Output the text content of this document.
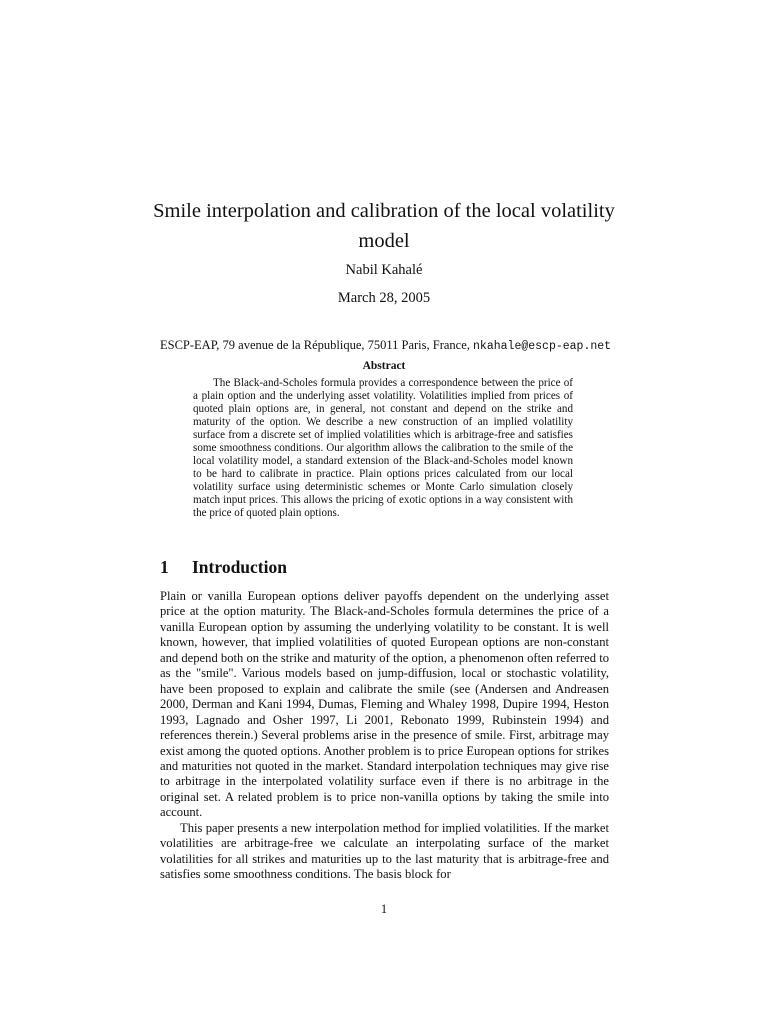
Smile interpolation and calibration of the local volatility model
Nabil Kahalé
March 28, 2005
ESCP-EAP, 79 avenue de la République, 75011 Paris, France, nkahale@escp-eap.net
Abstract
The Black-and-Scholes formula provides a correspondence between the price of a plain option and the underlying asset volatility. Volatilities implied from prices of quoted plain options are, in general, not constant and depend on the strike and maturity of the option. We describe a new construction of an implied volatility surface from a discrete set of implied volatilities which is arbitrage-free and satisfies some smoothness conditions. Our algorithm allows the calibration to the smile of the local volatility model, a standard extension of the Black-and-Scholes model known to be hard to calibrate in practice. Plain options prices calculated from our local volatility surface using deterministic schemes or Monte Carlo simulation closely match input prices. This allows the pricing of exotic options in a way consistent with the price of quoted plain options.
1 Introduction

Plain or vanilla European options deliver payoffs dependent on the underlying asset price at the option maturity. The Black-and-Scholes formula determines the price of a vanilla European option by assuming the underlying volatility to be constant. It is well known, however, that implied volatilities of quoted European options are non-constant and depend both on the strike and maturity of the option, a phenomenon often referred to as the "smile". Various models based on jump-diffusion, local or stochastic volatility, have been proposed to explain and calibrate the smile (see (Andersen and Andreasen 2000, Derman and Kani 1994, Dumas, Fleming and Whaley 1998, Dupire 1994, Heston 1993, Lagnado and Osher 1997, Li 2001, Rebonato 1999, Rubinstein 1994) and references therein.) Several problems arise in the presence of smile. First, arbitrage may exist among the quoted options. Another problem is to price European options for strikes and maturities not quoted in the market. Standard interpolation techniques may give rise to arbitrage in the interpolated volatility surface even if there is no arbitrage in the original set. A related problem is to price non-vanilla options by taking the smile into account.

This paper presents a new interpolation method for implied volatilities. If the market volatilities are arbitrage-free we calculate an interpolating surface of the market volatilities for all strikes and maturities up to the last maturity that is arbitrage-free and satisfies some smoothness conditions. The basis block for

1
